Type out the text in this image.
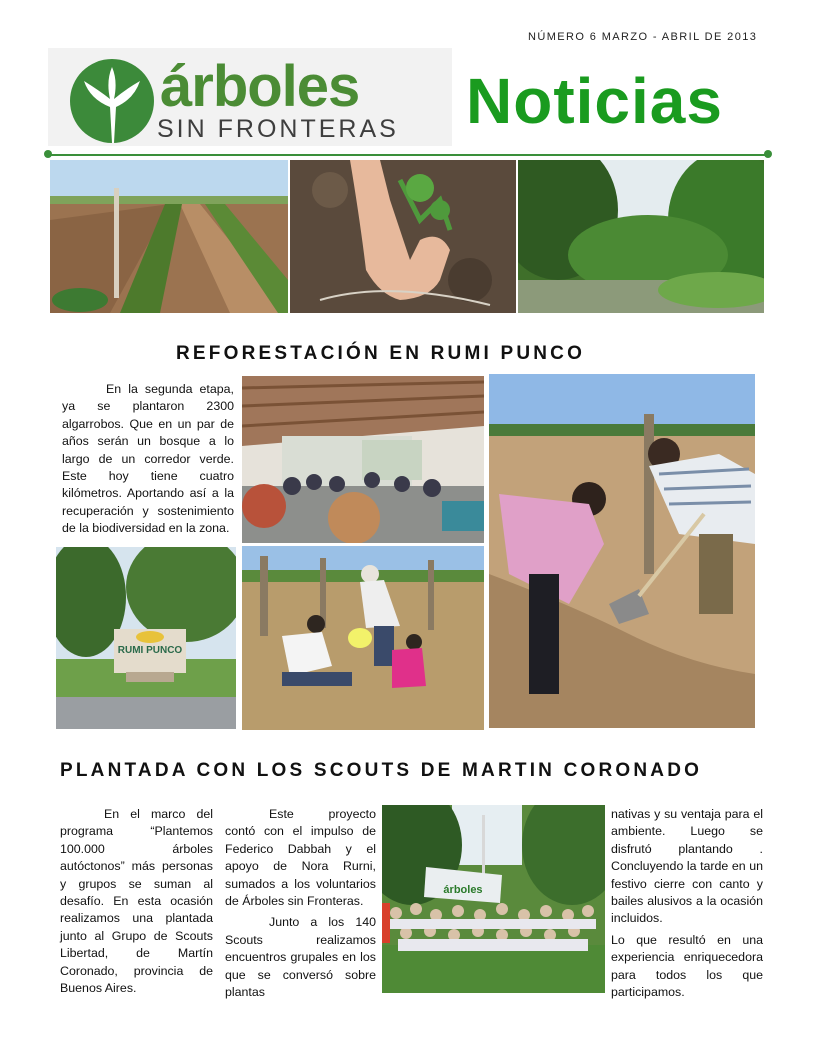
NÚMERO 6 MARZO - ABRIL DE 2013
árboles
SIN FRONTERAS Noticias
REFORESTACIÓN EN RUMI PUNCO

En la segunda etapa, ya se plantaron 2300 algarrobos. Que en un par de años serán un bosque a lo largo de un corredor verde. Este hoy tiene cuatro kilómetros. Aportando así a la recuperación y sostenimiento de la biodiversidad en la zona.

RUMI PUNCO
PLANTADA CON LOS SCOUTS DE MARTIN CORONADO

En el marco del programa “Plantemos 100.000 árboles autóctonos” más personas y grupos se suman al desafío. En esta ocasión realizamos una plantada junto al Grupo de Scouts Libertad, de Martín Coronado, provincia de Buenos Aires.

Este proyecto contó con el impulso de Federico Dabbah y el apoyo de Nora Rurni, sumados a los voluntarios de Árboles sin Fronteras.

Junto a los 140 Scouts realizamos encuentros grupales en los que se conversó sobre plantas

árboles

nativas y su ventaja para el ambiente. Luego se disfrutó plantando . Concluyendo la tarde en un festivo cierre con canto y bailes alusivos a la ocasión incluidos.

Lo que resultó en una experiencia enriquecedora para todos los que participamos.
